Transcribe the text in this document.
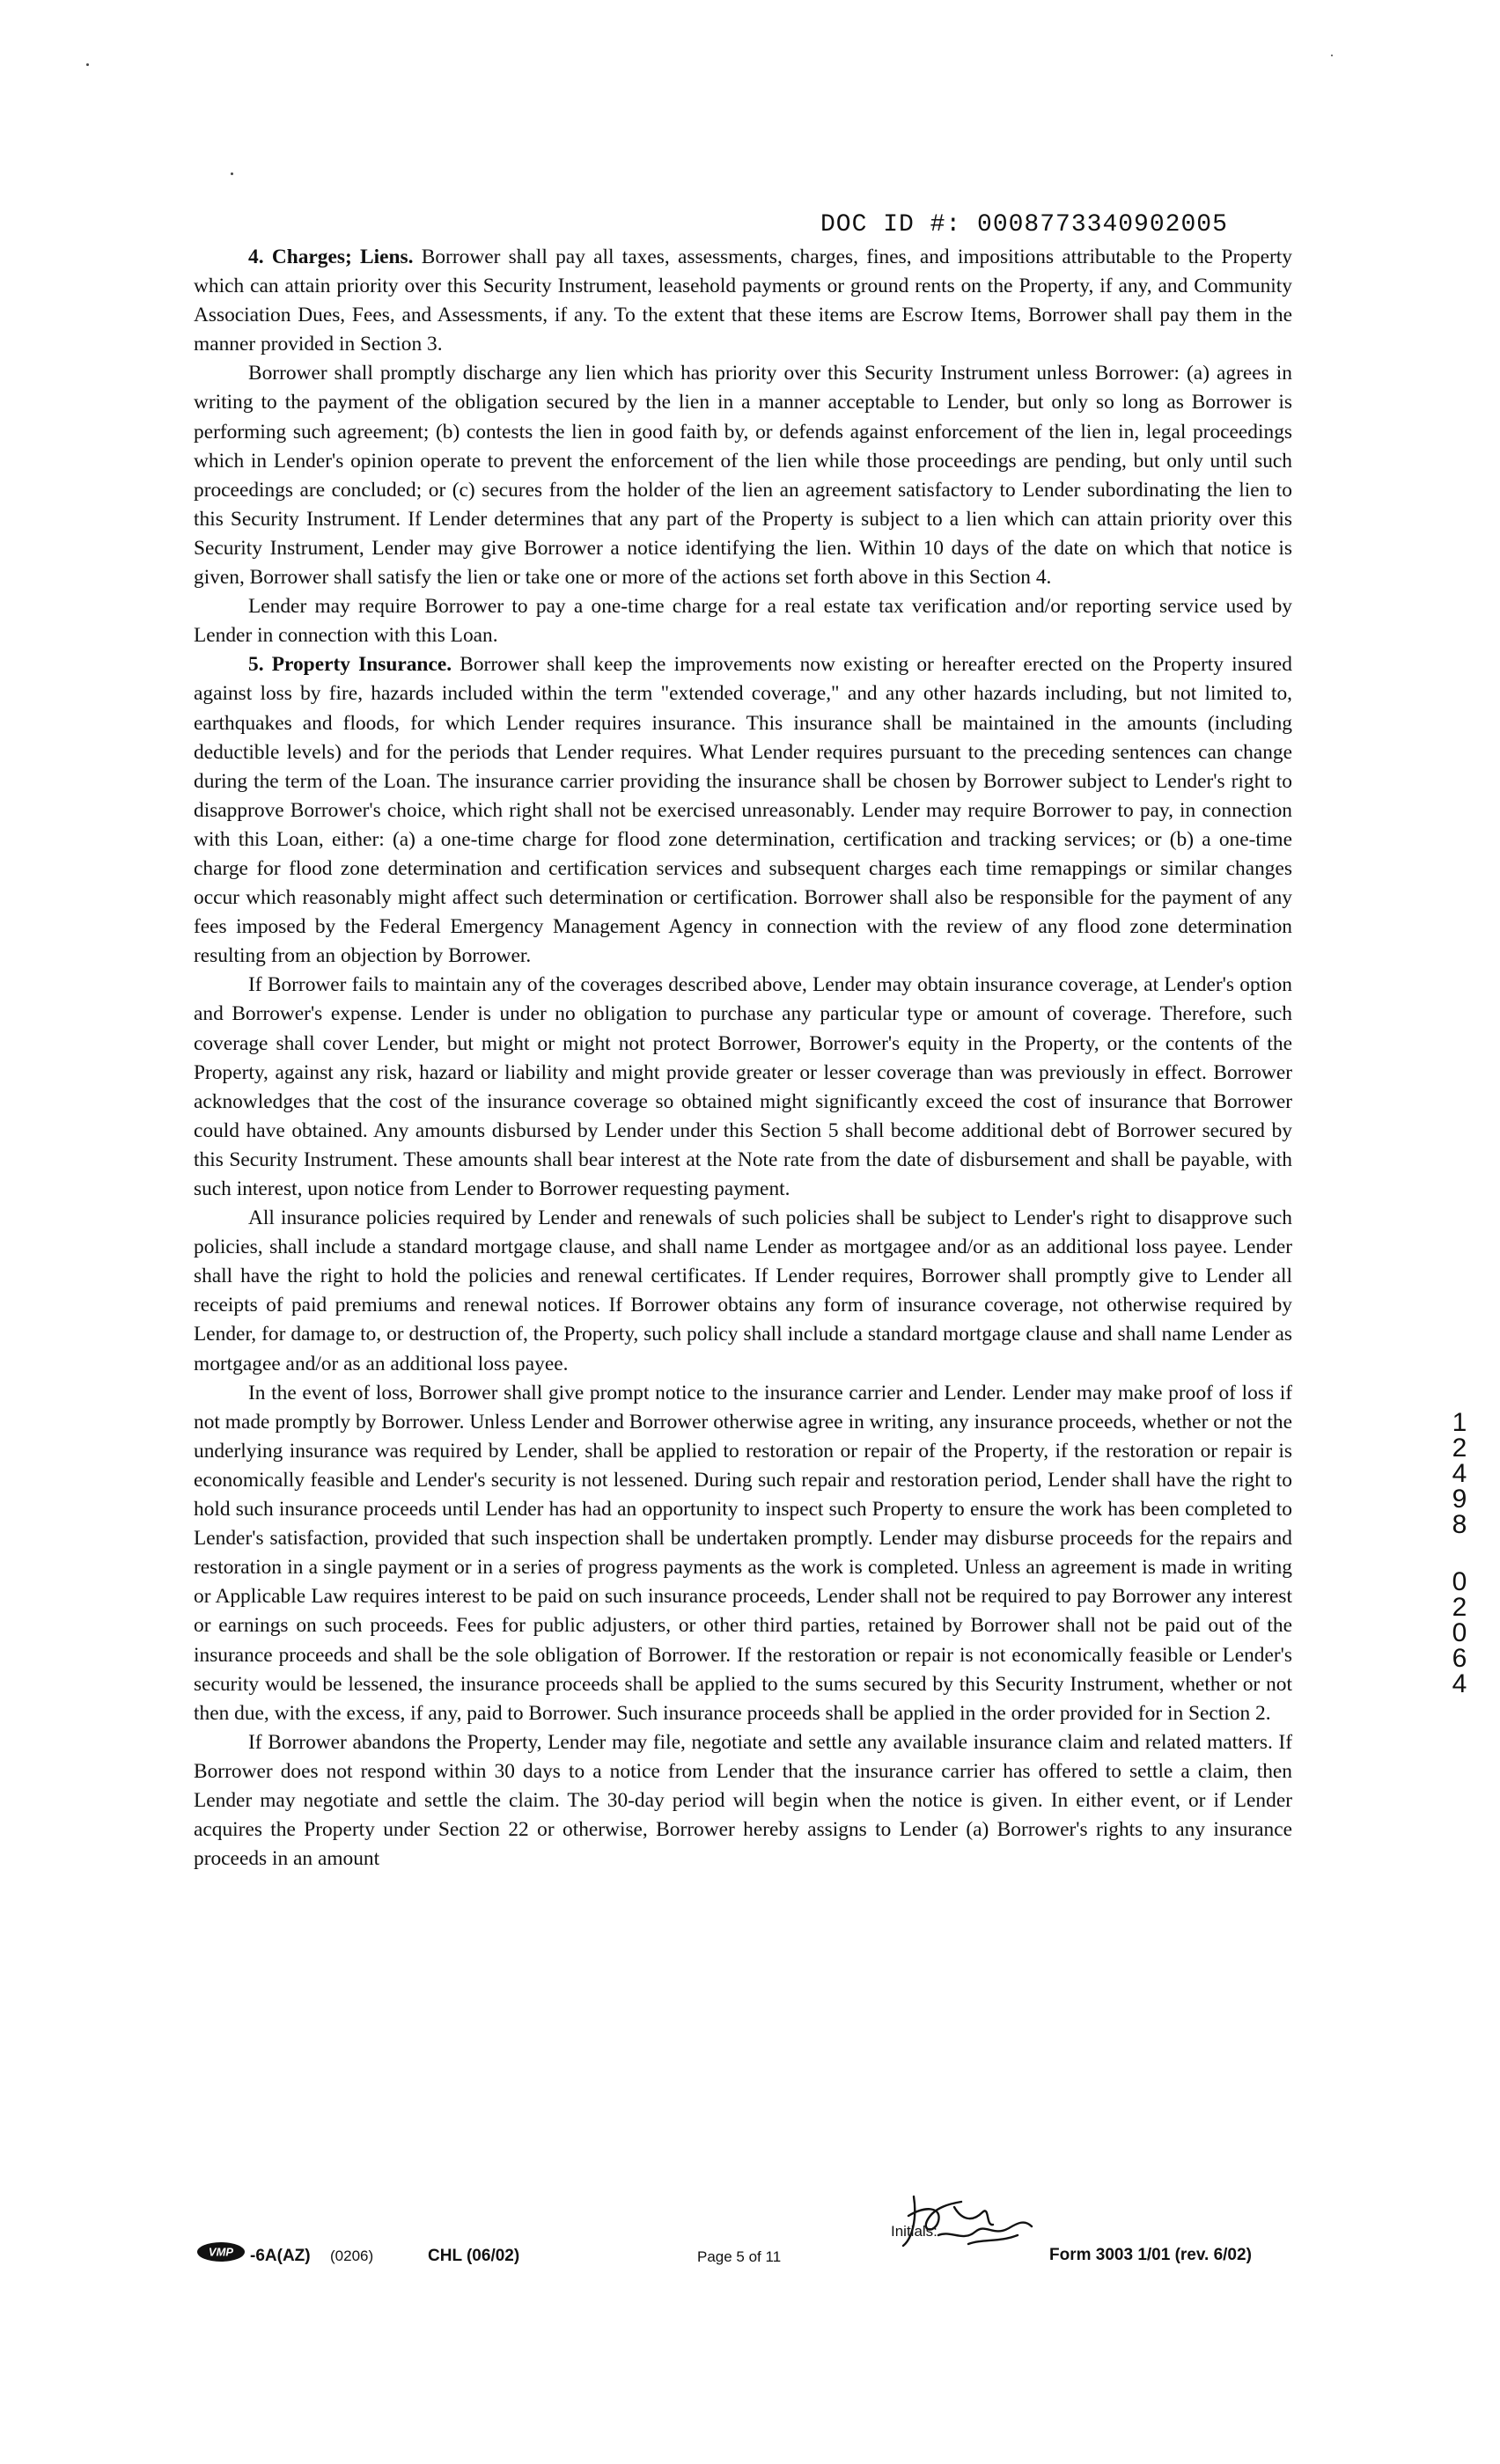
DOC ID #: 0008773340902005

4. Charges; Liens. Borrower shall pay all taxes, assessments, charges, fines, and impositions attributable to the Property which can attain priority over this Security Instrument, leasehold payments or ground rents on the Property, if any, and Community Association Dues, Fees, and Assessments, if any. To the extent that these items are Escrow Items, Borrower shall pay them in the manner provided in Section 3.

Borrower shall promptly discharge any lien which has priority over this Security Instrument unless Borrower: (a) agrees in writing to the payment of the obligation secured by the lien in a manner acceptable to Lender, but only so long as Borrower is performing such agreement; (b) contests the lien in good faith by, or defends against enforcement of the lien in, legal proceedings which in Lender's opinion operate to prevent the enforcement of the lien while those proceedings are pending, but only until such proceedings are concluded; or (c) secures from the holder of the lien an agreement satisfactory to Lender subordinating the lien to this Security Instrument. If Lender determines that any part of the Property is subject to a lien which can attain priority over this Security Instrument, Lender may give Borrower a notice identifying the lien. Within 10 days of the date on which that notice is given, Borrower shall satisfy the lien or take one or more of the actions set forth above in this Section 4.

Lender may require Borrower to pay a one-time charge for a real estate tax verification and/or reporting service used by Lender in connection with this Loan.

5. Property Insurance. Borrower shall keep the improvements now existing or hereafter erected on the Property insured against loss by fire, hazards included within the term "extended coverage," and any other hazards including, but not limited to, earthquakes and floods, for which Lender requires insurance. This insurance shall be maintained in the amounts (including deductible levels) and for the periods that Lender requires. What Lender requires pursuant to the preceding sentences can change during the term of the Loan. The insurance carrier providing the insurance shall be chosen by Borrower subject to Lender's right to disapprove Borrower's choice, which right shall not be exercised unreasonably. Lender may require Borrower to pay, in connection with this Loan, either: (a) a one-time charge for flood zone determination, certification and tracking services; or (b) a one-time charge for flood zone determination and certification services and subsequent charges each time remappings or similar changes occur which reasonably might affect such determination or certification. Borrower shall also be responsible for the payment of any fees imposed by the Federal Emergency Management Agency in connection with the review of any flood zone determination resulting from an objection by Borrower.

If Borrower fails to maintain any of the coverages described above, Lender may obtain insurance coverage, at Lender's option and Borrower's expense. Lender is under no obligation to purchase any particular type or amount of coverage. Therefore, such coverage shall cover Lender, but might or might not protect Borrower, Borrower's equity in the Property, or the contents of the Property, against any risk, hazard or liability and might provide greater or lesser coverage than was previously in effect. Borrower acknowledges that the cost of the insurance coverage so obtained might significantly exceed the cost of insurance that Borrower could have obtained. Any amounts disbursed by Lender under this Section 5 shall become additional debt of Borrower secured by this Security Instrument. These amounts shall bear interest at the Note rate from the date of disbursement and shall be payable, with such interest, upon notice from Lender to Borrower requesting payment.

All insurance policies required by Lender and renewals of such policies shall be subject to Lender's right to disapprove such policies, shall include a standard mortgage clause, and shall name Lender as mortgagee and/or as an additional loss payee. Lender shall have the right to hold the policies and renewal certificates. If Lender requires, Borrower shall promptly give to Lender all receipts of paid premiums and renewal notices. If Borrower obtains any form of insurance coverage, not otherwise required by Lender, for damage to, or destruction of, the Property, such policy shall include a standard mortgage clause and shall name Lender as mortgagee and/or as an additional loss payee.

In the event of loss, Borrower shall give prompt notice to the insurance carrier and Lender. Lender may make proof of loss if not made promptly by Borrower. Unless Lender and Borrower otherwise agree in writing, any insurance proceeds, whether or not the underlying insurance was required by Lender, shall be applied to restoration or repair of the Property, if the restoration or repair is economically feasible and Lender's security is not lessened. During such repair and restoration period, Lender shall have the right to hold such insurance proceeds until Lender has had an opportunity to inspect such Property to ensure the work has been completed to Lender's satisfaction, provided that such inspection shall be undertaken promptly. Lender may disburse proceeds for the repairs and restoration in a single payment or in a series of progress payments as the work is completed. Unless an agreement is made in writing or Applicable Law requires interest to be paid on such insurance proceeds, Lender shall not be required to pay Borrower any interest or earnings on such proceeds. Fees for public adjusters, or other third parties, retained by Borrower shall not be paid out of the insurance proceeds and shall be the sole obligation of Borrower. If the restoration or repair is not economically feasible or Lender's security would be lessened, the insurance proceeds shall be applied to the sums secured by this Security Instrument, whether or not then due, with the excess, if any, paid to Borrower. Such insurance proceeds shall be applied in the order provided for in Section 2.

If Borrower abandons the Property, Lender may file, negotiate and settle any available insurance claim and related matters. If Borrower does not respond within 30 days to a notice from Lender that the insurance carrier has offered to settle a claim, then Lender may negotiate and settle the claim. The 30-day period will begin when the notice is given. In either event, or if Lender acquires the Property under Section 22 or otherwise, Borrower hereby assigns to Lender (a) Borrower's rights to any insurance proceeds in an amount

1
2
4
9
8
0
2
0
6
4
VMP -6A(AZ) (0206)	CHL (06/02)	Page 5 of 11
Initials:
Form 3003 1/01 (rev. 6/02)
